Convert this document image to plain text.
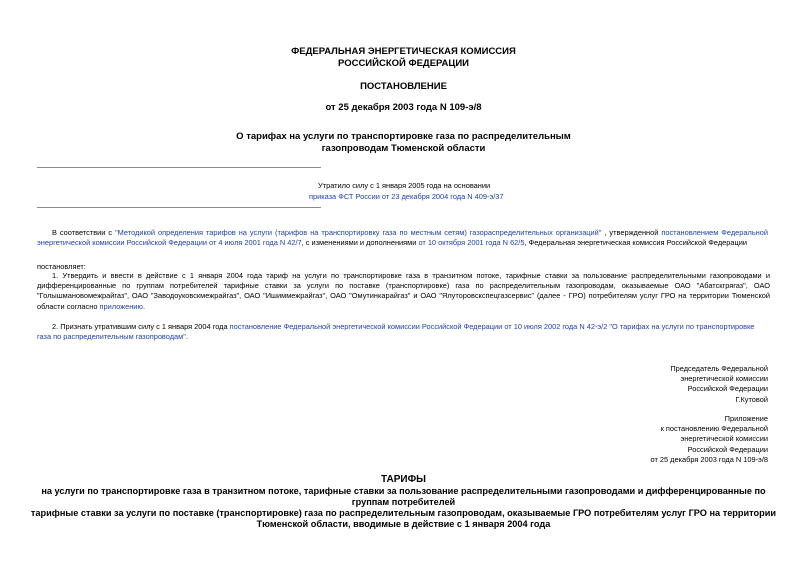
ФЕДЕРАЛЬНАЯ ЭНЕРГЕТИЧЕСКАЯ КОМИССИЯ
РОССИЙСКОЙ ФЕДЕРАЦИИ
ПОСТАНОВЛЕНИЕ
от 25 декабря 2003 года N 109-э/8
О тарифах на услуги по транспортировке газа по распределительным
газопроводам Тюменской области
Утратило силу с 1 января 2005 года на основании
приказа ФСТ России от 23 декабря 2004 года N 409-э/37
В соответствии с "Методикой определения тарифов на услуги (тарифов на транспортировку газа по местным сетям) газораспределительных организаций" , утвержденной постановлением Федеральной энергетической комиссии Российской Федерации от 4 июля 2001 года N 42/7, с изменениями и дополнениями от 10 октября 2001 года N 62/5, Федеральная энергетическая комиссия Российской Федерации
постановляет:
1. Утвердить и ввести в действие с 1 января 2004 года тариф на услуги по транспортировке газа в транзитном потоке, тарифные ставки за пользование распределительными газопроводами и дифференцированные по группам потребителей тарифные ставки за услуги по поставке (транспортировке) газа по распределительным газопроводам, оказываемые ОАО "Абатскгрягаз", ОАО "Голышмановомежрайгаз", ОАО "Заводоуковскмежрайгаз", ОАО "Ишиммежрайгаз", ОАО "Омутинкарайгаз" и ОАО "Ялуторовскспецгазсервис" (далее - ГРО) потребителям услуг ГРО на территории Тюменской области согласно приложению.
2. Признать утратившим силу с 1 января 2004 года постановление Федеральной энергетической комиссии Российской Федерации от 10 июля 2002 года N 42-э/2 "О тарифах на услуги по транспортировке газа по распределительным газопроводам".
Председатель Федеральной
энергетической комиссии
Российской Федерации
Г.Кутовой
Приложение
к постановлению Федеральной
энергетической комиссии
Российской Федерации
от 25 декабря 2003 года N 109-э/8
ТАРИФЫ
на услуги по транспортировке газа в транзитном потоке, тарифные ставки за пользование распределительными газопроводами и дифференцированные по
группам потребителей
тарифные ставки за услуги по поставке (транспортировке) газа по распределительным газопроводам, оказываемые ГРО потребителям услуг ГРО на территории
Тюменской области, вводимые в действие с 1 января 2004 года
